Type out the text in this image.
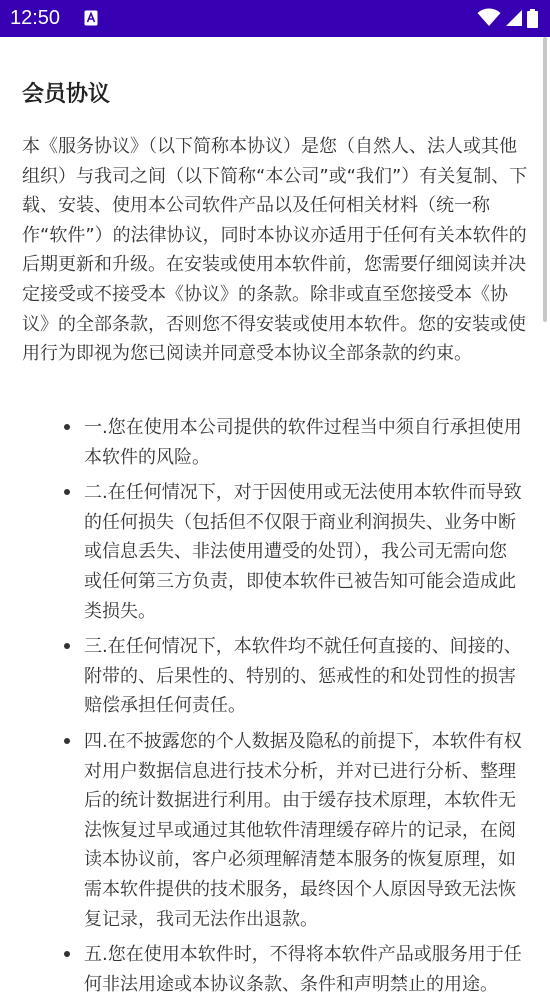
12:50
会员协议

本《服务协议》（以下简称本协议）是您（自然人、法人或其他组织）与我司之间（以下简称“本公司”或“我们”）有关复制、下载、安装、使用本公司软件产品以及任何相关材料（统一称作“软件”）的法律协议，同时本协议亦适用于任何有关本软件的后期更新和升级。在安装或使用本软件前，您需要仔细阅读并决定接受或不接受本《协议》的条款。除非或直至您接受本《协议》的全部条款，否则您不得安装或使用本软件。您的安装或使用行为即视为您已阅读并同意受本协议全部条款的约束。

一.您在使用本公司提供的软件过程当中须自行承担使用本软件的风险。
二.在任何情况下，对于因使用或无法使用本软件而导致的任何损失（包括但不仅限于商业利润损失、业务中断或信息丢失、非法使用遭受的处罚），我公司无需向您或任何第三方负责，即使本软件已被告知可能会造成此类损失。
三.在任何情况下，本软件均不就任何直接的、间接的、附带的、后果性的、特别的、惩戒性的和处罚性的损害赔偿承担任何责任。
四.在不披露您的个人数据及隐私的前提下，本软件有权对用户数据信息进行技术分析，并对已进行分析、整理后的统计数据进行利用。由于缓存技术原理，本软件无法恢复过早或通过其他软件清理缓存碎片的记录，在阅读本协议前，客户必须理解清楚本服务的恢复原理，如需本软件提供的技术服务，最终因个人原因导致无法恢复记录，我司无法作出退款。
五.您在使用本软件时，不得将本软件产品或服务用于任何非法用途或本协议条款、条件和声明禁止的用途。
